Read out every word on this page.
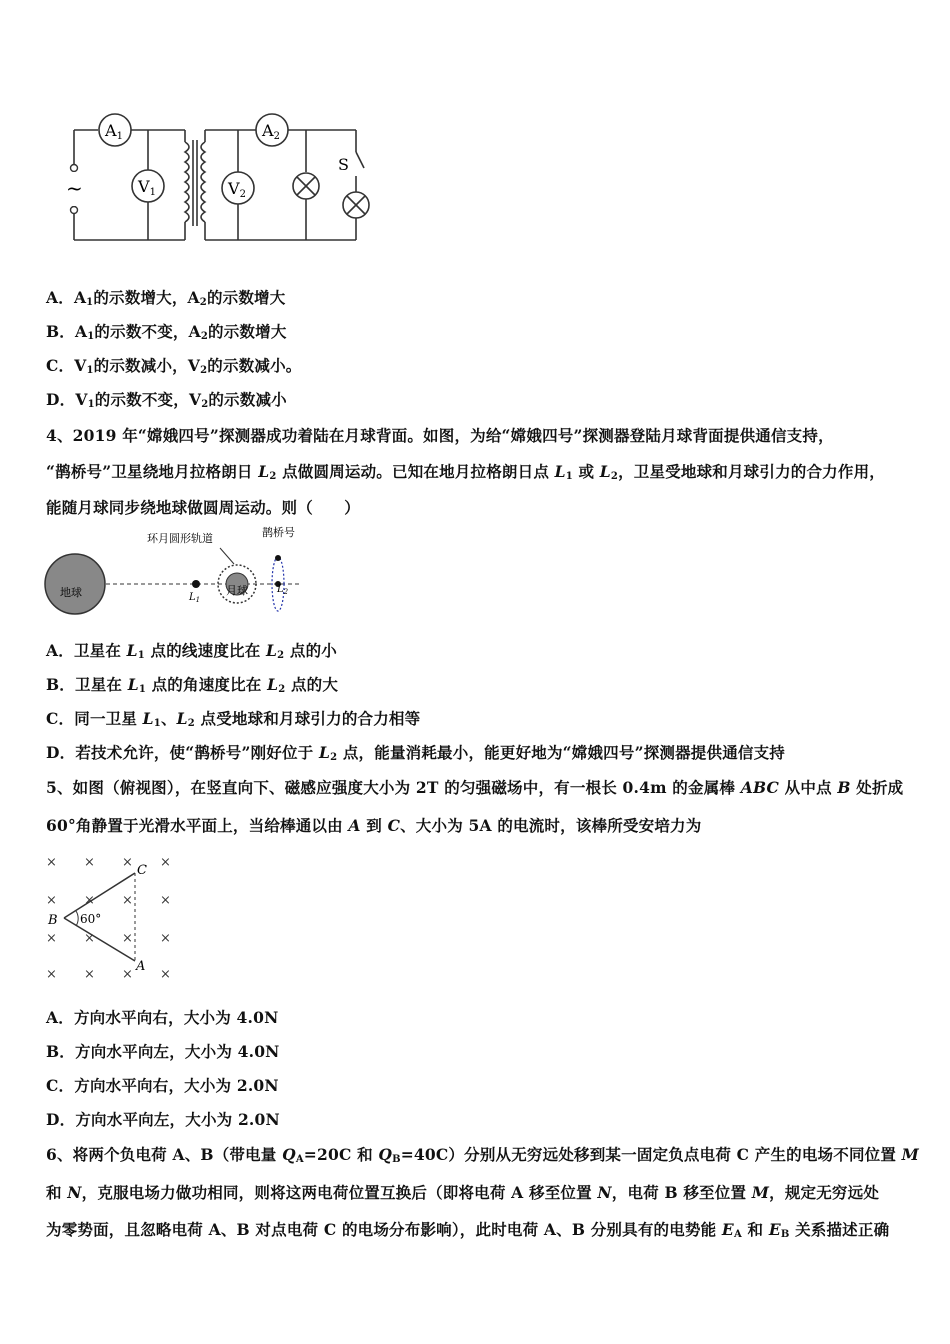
~
A1
V1
A2
V2
S
A．$A_1$的示数增大，$A_2$的示数增大
B．$A_1$的示数不变，$A_2$的示数增大
C．$V_1$的示数减小，$V_2$的示数减小。
D．$V_1$的示数不变，$V_2$的示数减小
4、2019 年“嫦娥四号”探测器成功着陆在月球背面。如图，为给“嫦娥四号”探测器登陆月球背面提供通信支持，
“鹊桥号”卫星绕地月拉格朗日 $L_2$ 点做圆周运动。已知在地月拉格朗日点 $L_1$ 或 $L_2$，卫星受地球和月球引力的合力作用，
能随月球同步绕地球做圆周运动。则（　　）
地球	月球
环月圆形轨道	鹊桥号
$L_1$
$L_2$
A．卫星在 $L_1$ 点的线速度比在 $L_2$ 点的小
B．卫星在 $L_1$ 点的角速度比在 $L_2$ 点的大
C．同一卫星 $L_1$、$L_2$ 点受地球和月球引力的合力相等
D．若技术允许，使“鹊桥号”刚好位于 $L_2$ 点，能量消耗最小，能更好地为“嫦娥四号”探测器提供通信支持
5、如图（俯视图），在竖直向下、磁感应强度大小为 2T 的匀强磁场中，有一根长 0.4m 的金属棒 ABC 从中点 B 处折成
60°角静置于光滑水平面上，当给棒通以由 A 到 C、大小为 5A 的电流时，该棒所受安培力为
× × × ×
× × × ×
× × × ×
× × × ×
C
B
A
60°
A．方向水平向右，大小为 4.0N
B．方向水平向左，大小为 4.0N
C．方向水平向右，大小为 2.0N
D．方向水平向左，大小为 2.0N
6、将两个负电荷 A、B（带电量 $Q_A=20C$ 和 $Q_B=40C$）分别从无穷远处移到某一固定负点电荷 C 产生的电场不同位置 M
和 N，克服电场力做功相同，则将这两电荷位置互换后（即将电荷 A 移至位置 N，电荷 B 移至位置 M，规定无穷远处
为零势面，且忽略电荷 A、B 对点电荷 C 的电场分布影响），此时电荷 A、B 分别具有的电势能 $E_A$ 和 $E_B$ 关系描述正确
